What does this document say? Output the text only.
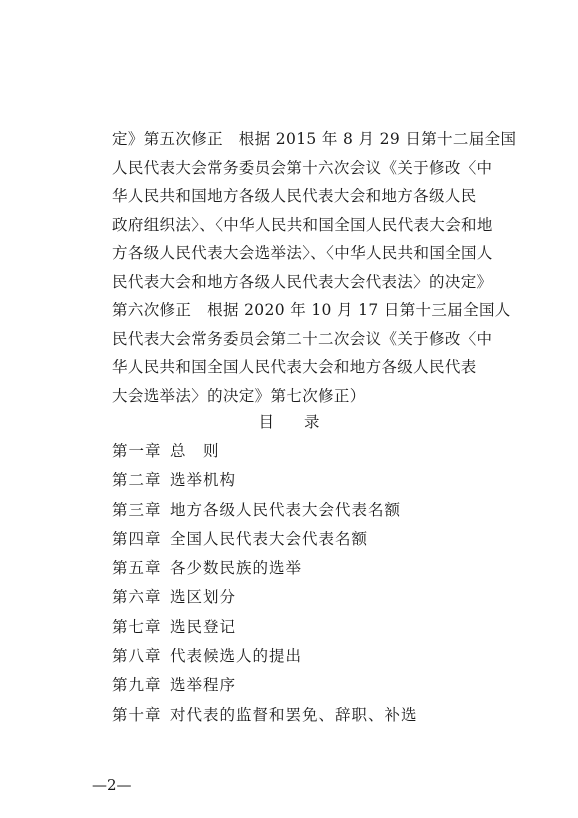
定》第五次修正　根据 2015 年 8 月 29 日第十二届全国
人民代表大会常务委员会第十六次会议《关于修改〈中
华人民共和国地方各级人民代表大会和地方各级人民
政府组织法〉、〈中华人民共和国全国人民代表大会和地
方各级人民代表大会选举法〉、〈中华人民共和国全国人
民代表大会和地方各级人民代表大会代表法〉的决定》
第六次修正　根据 2020 年 10 月 17 日第十三届全国人
民代表大会常务委员会第二十二次会议《关于修改〈中
华人民共和国全国人民代表大会和地方各级人民代表
大会选举法〉的决定》第七次修正）
目 录
第一章 总　则
第二章 选举机构
第三章 地方各级人民代表大会代表名额
第四章 全国人民代表大会代表名额
第五章 各少数民族的选举
第六章 选区划分
第七章 选民登记
第八章 代表候选人的提出
第九章 选举程序
第十章 对代表的监督和罢免、辞职、补选
—2—
